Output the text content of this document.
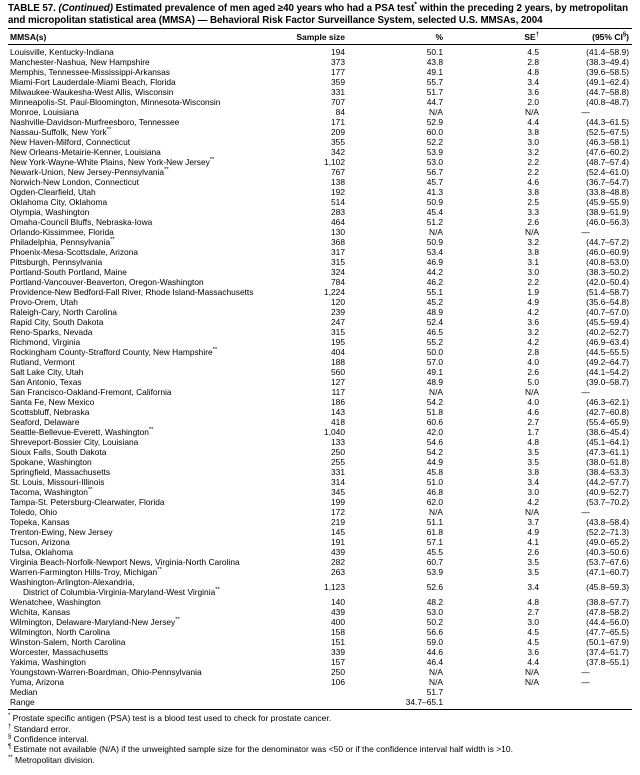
TABLE 57. (Continued) Estimated prevalence of men aged ≥40 years who had a PSA test* within the preceding 2 years, by metropolitan and micropolitan statistical area (MMSA) — Behavioral Risk Factor Surveillance System, selected U.S. MMSAs, 2004
MMSA(s)	Sample size	%	SE†	(95% CI§)
Louisville, Kentucky-Indiana	194	50.1	4.5	(41.4–58.9)
Manchester-Nashua, New Hampshire	373	43.8	2.8	(38.3–49.4)
Memphis, Tennessee-Mississippi-Arkansas	177	49.1	4.8	(39.6–58.5)
Miami-Fort Lauderdale-Miami Beach, Florida	359	55.7	3.4	(49.1–62.4)
Milwaukee-Waukesha-West Allis, Wisconsin	331	51.7	3.6	(44.7–58.8)
Minneapolis-St. Paul-Bloomington, Minnesota-Wisconsin	707	44.7	2.0	(40.8–48.7)
Monroe, Louisiana	84	N/A	N/A	—
Nashville-Davidson-Murfreesboro, Tennessee	171	52.9	4.4	(44.3–61.5)
Nassau-Suffolk, New York**	209	60.0	3.8	(52.5–67.5)
New Haven-Milford, Connecticut	355	52.2	3.0	(46.3–58.1)
New Orleans-Metairie-Kenner, Louisiana	342	53.9	3.2	(47.6–60.2)
New York-Wayne-White Plains, New York-New Jersey**	1,102	53.0	2.2	(48.7–57.4)
Newark-Union, New Jersey-Pennsylvania**	767	56.7	2.2	(52.4–61.0)
Norwich-New London, Connecticut	138	45.7	4.6	(36.7–54.7)
Ogden-Clearfield, Utah	192	41.3	3.8	(33.8–48.8)
Oklahoma City, Oklahoma	514	50.9	2.5	(45.9–55.9)
Olympia, Washington	283	45.4	3.3	(38.9–51.9)
Omaha-Council Bluffs, Nebraska-Iowa	464	51.2	2.6	(46.0–56.3)
Orlando-Kissimmee, Florida	130	N/A	N/A	—
Philadelphia, Pennsylvania**	368	50.9	3.2	(44.7–57.2)
Phoenix-Mesa-Scottsdale, Arizona	317	53.4	3.8	(46.0–60.9)
Pittsburgh, Pennsylvania	315	46.9	3.1	(40.8–53.0)
Portland-South Portland, Maine	324	44.2	3.0	(38.3–50.2)
Portland-Vancouver-Beaverton, Oregon-Washington	784	46.2	2.2	(42.0–50.4)
Providence-New Bedford-Fall River, Rhode Island-Massachusetts	1,224	55.1	1.9	(51.4–58.7)
Provo-Orem, Utah	120	45.2	4.9	(35.6–54.8)
Raleigh-Cary, North Carolina	239	48.9	4.2	(40.7–57.0)
Rapid City, South Dakota	247	52.4	3.6	(45.5–59.4)
Reno-Sparks, Nevada	315	46.5	3.2	(40.2–52.7)
Richmond, Virginia	195	55.2	4.2	(46.9–63.4)
Rockingham County-Strafford County, New Hampshire**	404	50.0	2.8	(44.5–55.5)
Rutland, Vermont	188	57.0	4.0	(49.2–64.7)
Salt Lake City, Utah	560	49.1	2.6	(44.1–54.2)
San Antonio, Texas	127	48.9	5.0	(39.0–58.7)
San Francisco-Oakland-Fremont, California	117	N/A	N/A	—
Santa Fe, New Mexico	186	54.2	4.0	(46.3–62.1)
Scottsbluff, Nebraska	143	51.8	4.6	(42.7–60.8)
Seaford, Delaware	418	60.6	2.7	(55.4–65.9)
Seattle-Bellevue-Everett, Washington**	1,040	42.0	1.7	(38.6–45.4)
Shreveport-Bossier City, Louisiana	133	54.6	4.8	(45.1–64.1)
Sioux Falls, South Dakota	250	54.2	3.5	(47.3–61.1)
Spokane, Washington	255	44.9	3.5	(38.0–51.8)
Springfield, Massachusetts	331	45.8	3.8	(38.4–53.3)
St. Louis, Missouri-Illinois	314	51.0	3.4	(44.2–57.7)
Tacoma, Washington**	345	46.8	3.0	(40.9–52.7)
Tampa-St. Petersburg-Clearwater, Florida	199	62.0	4.2	(53.7–70.2)
Toledo, Ohio	172	N/A	N/A	—
Topeka, Kansas	219	51.1	3.7	(43.8–58.4)
Trenton-Ewing, New Jersey	145	61.8	4.9	(52.2–71.3)
Tucson, Arizona	191	57.1	4.1	(49.0–65.2)
Tulsa, Oklahoma	439	45.5	2.6	(40.3–50.6)
Virginia Beach-Norfolk-Newport News, Virginia-North Carolina	282	60.7	3.5	(53.7–67.6)
Warren-Farmington Hills-Troy, Michigan**	263	53.9	3.5	(47.1–60.7)
Washington-Arlington-Alexandria,
District of Columbia-Virginia-Maryland-West Virginia**	1,123	52.6	3.4	(45.8–59.3)
Wenatchee, Washington	140	48.2	4.8	(38.8–57.7)
Wichita, Kansas	439	53.0	2.7	(47.8–58.2)
Wilmington, Delaware-Maryland-New Jersey**	400	50.2	3.0	(44.4–56.0)
Wilmington, North Carolina	158	56.6	4.5	(47.7–65.5)
Winston-Salem, North Carolina	151	59.0	4.5	(50.1–67.9)
Worcester, Massachusetts	339	44.6	3.6	(37.4–51.7)
Yakima, Washington	157	46.4	4.4	(37.8–55.1)
Youngstown-Warren-Boardman, Ohio-Pennsylvania	250	N/A	N/A	—
Yuma, Arizona	106	N/A	N/A	—
Median		51.7		
Range		34.7–65.1		
* Prostate specific antigen (PSA) test is a blood test used to check for prostate cancer.
† Standard error.
§ Confidence interval.
¶ Estimate not available (N/A) if the unweighted sample size for the denominator was <50 or if the confidence interval half width is >10.
** Metropolitan division.
